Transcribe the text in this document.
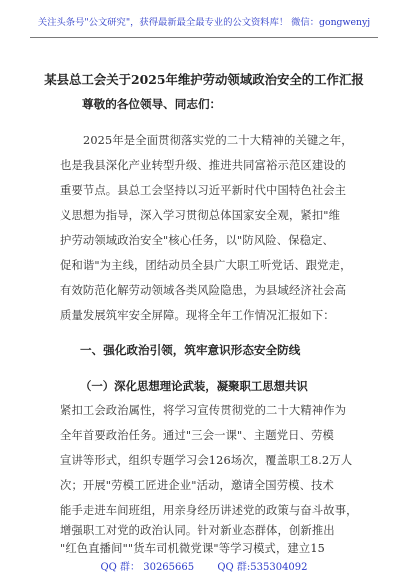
关注头条号"公文研究"，获得最新最全最专业的公文资料库！ 微信：gongwenyj
某县总工会关于2025年维护劳动领域政治安全的工作汇报
尊敬的各位领导、同志们：
2025年是全面贯彻落实党的二十大精神的关键之年，
也是我县深化产业转型升级、推进共同富裕示范区建设的
重要节点。县总工会坚持以习近平新时代中国特色社会主
义思想为指导，深入学习贯彻总体国家安全观，紧扣"维
护劳动领域政治安全"核心任务，以"防风险、保稳定、
促和谐"为主线，团结动员全县广大职工听党话、跟党走，
有效防范化解劳动领域各类风险隐患，为县域经济社会高
质量发展筑牢安全屏障。现将全年工作情况汇报如下：
一、强化政治引领，筑牢意识形态安全防线
（一）深化思想理论武装，凝聚职工思想共识
紧扣工会政治属性，将学习宣传贯彻党的二十大精神作为
全年首要政治任务。通过"三会一课"、主题党日、劳模
宣讲等形式，组织专题学习会126场次，覆盖职工8.2万人
次；开展"劳模工匠进企业"活动，邀请全国劳模、技术
能手走进车间班组，用亲身经历讲述党的政策与奋斗故事，
增强职工对党的政治认同。针对新业态群体，创新推出
"红色直播间""货车司机微党课"等学习模式，建立15
QQ 群： 30265665 QQ 群:535304092
